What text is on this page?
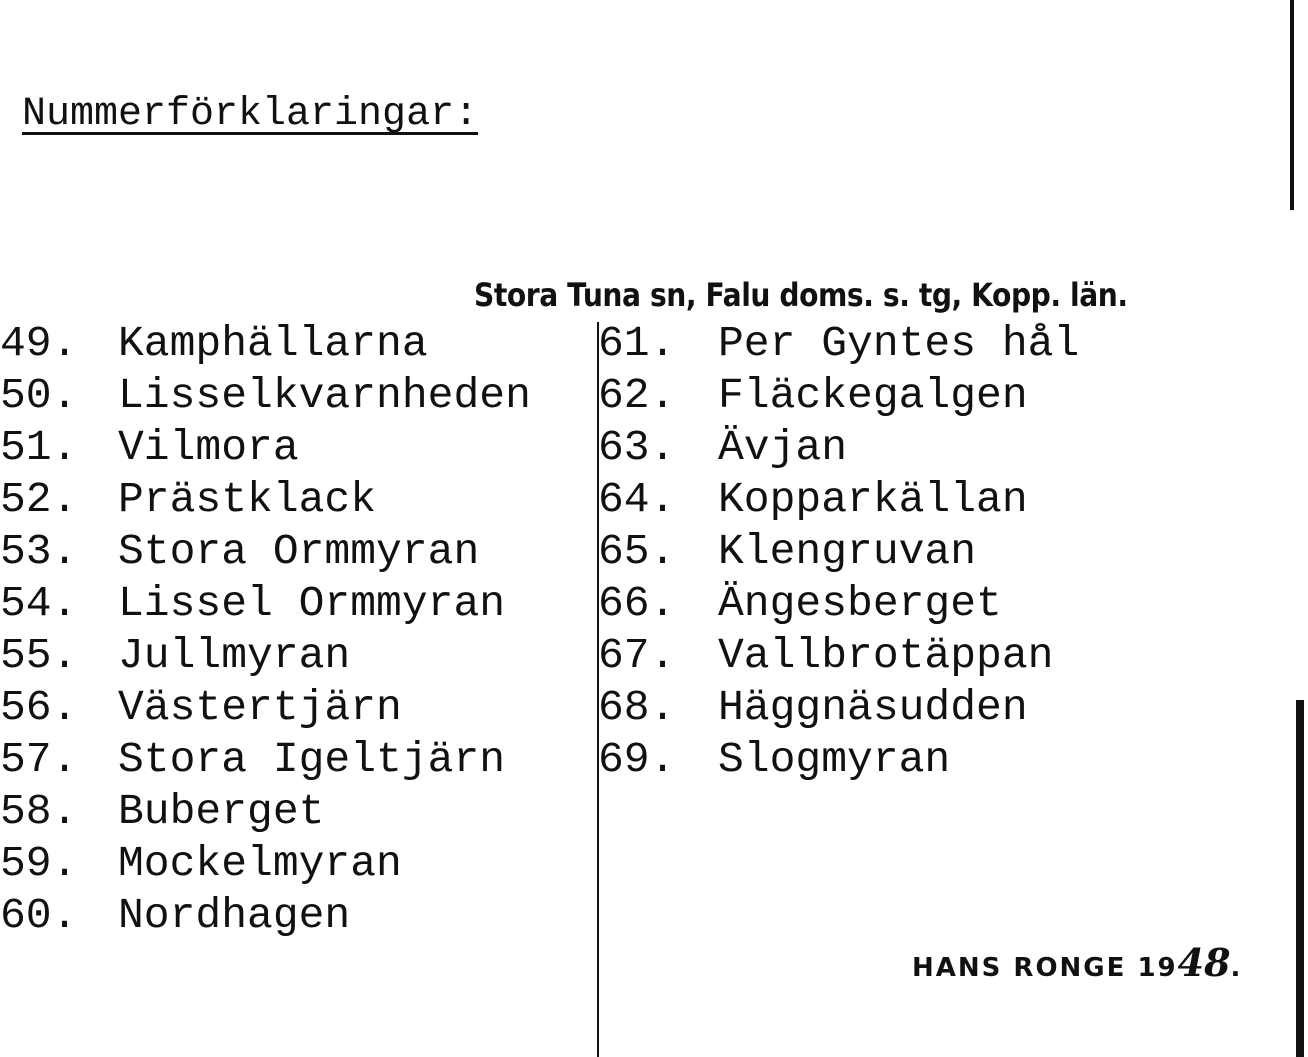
Nummerförklaringar:
Stora Tuna sn, Falu doms. s. tg, Kopp. län.
49. Kamphällarna
50. Lisselkvarnheden
51. Vilmora
52. Prästklack
53. Stora Ormmyran
54. Lissel Ormmyran
55. Jullmyran
56. Västertjärn
57. Stora Igeltjärn
58. Buberget
59. Mockelmyran
60. Nordhagen
61. Per Gyntes hål
62. Fläckegalgen
63. Ävjan
64. Kopparkällan
65. Klengruvan
66. Ängesberget
67. Vallbrotäppan
68. Häggnäsudden
69. Slogmyran
HANS RONGE 1948.
